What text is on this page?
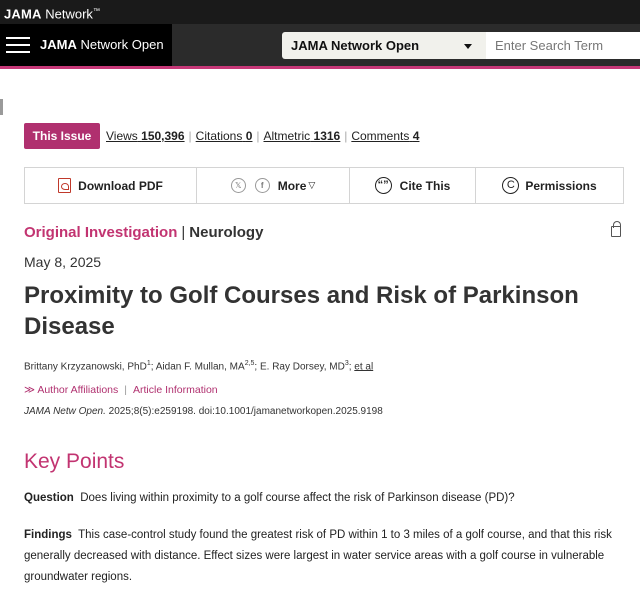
JAMA Network™
JAMA Network Open	JAMA Network Open
Enter Search Term
This Issue	Views 150,396 | Citations 0 | Altmetric 1316 | Comments 4
Download PDF	𝕏	f	More ▽	“” Cite This	C Permissions
Original Investigation | Neurology
May 8, 2025
Proximity to Golf Courses and Risk of Parkinson Disease
Brittany Krzyzanowski, PhD$^1$; Aidan F. Mullan, MA$^{2,5}$; E. Ray Dorsey, $MD^3$; et al
≫ Author Affiliations | Article Information
JAMA Netw Open. 2025;8(5):e259198. doi:10.1001/jamanetworkopen.2025.9198
Key Points
Question Does living within proximity to a golf course affect the risk of Parkinson disease (PD)?
Findings This case-control study found the greatest risk of PD within 1 to 3 miles of a golf course, and that this risk generally decreased with distance. Effect sizes were largest in water service areas with a golf course in vulnerable groundwater regions.
